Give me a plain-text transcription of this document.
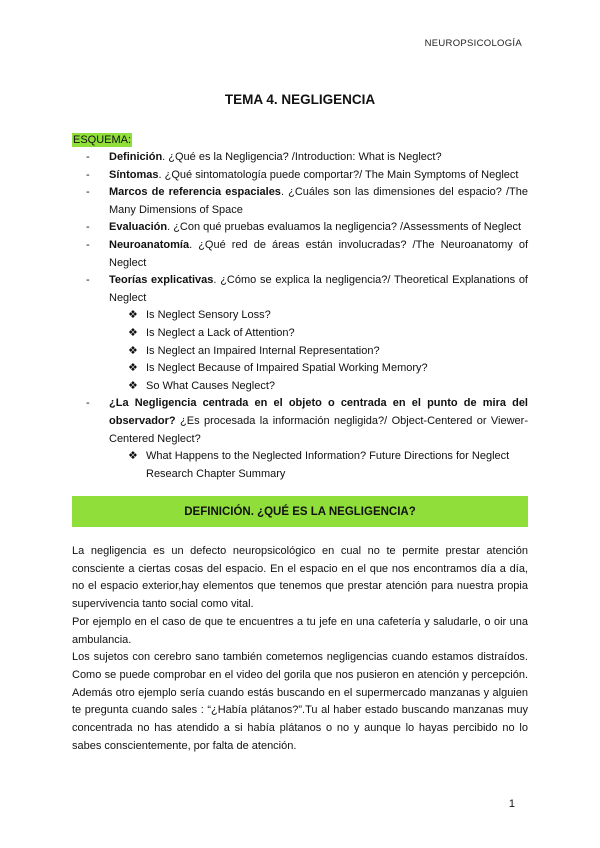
NEUROPSICOLOGÍA
TEMA 4. NEGLIGENCIA
ESQUEMA:
-	Definición. ¿Qué es la Negligencia? /Introduction: What is Neglect?
-	Síntomas. ¿Qué sintomatología puede comportar?/ The Main Symptoms of Neglect
-	Marcos de referencia espaciales. ¿Cuáles son las dimensiones del espacio? /The Many Dimensions of Space
-	Evaluación. ¿Con qué pruebas evaluamos la negligencia? /Assessments of Neglect
-	Neuroanatomía. ¿Qué red de áreas están involucradas? /The Neuroanatomy of Neglect
-	Teorías explicativas. ¿Cómo se explica la negligencia?/ Theoretical Explanations of Neglect
❖ Is Neglect Sensory Loss?
❖ Is Neglect a Lack of Attention?
❖ Is Neglect an Impaired Internal Representation?
❖ Is Neglect Because of Impaired Spatial Working Memory?
❖ So What Causes Neglect?
-	¿La Negligencia centrada en el objeto o centrada en el punto de mira del observador? ¿Es procesada la información negligida?/ Object-Centered or Viewer-Centered Neglect?
❖ What Happens to the Neglected Information? Future Directions for Neglect Research Chapter Summary
DEFINICIÓN. ¿QUÉ ES LA NEGLIGENCIA?

La negligencia es un defecto neuropsicológico en cual no te permite prestar atención consciente a ciertas cosas del espacio. En el espacio en el que nos encontramos día a día, no el espacio exterior,hay elementos que tenemos que prestar atención para nuestra propia supervivencia tanto social como vital.

Por ejemplo en el caso de que te encuentres a tu jefe en una cafetería y saludarle, o oir una ambulancia.

Los sujetos con cerebro sano también cometemos negligencias cuando estamos distraídos. Como se puede comprobar en el video del gorila que nos pusieron en atención y percepción. Además otro ejemplo sería cuando estás buscando en el supermercado manzanas y alguien te pregunta cuando sales : “¿Había plátanos?”.Tu al haber estado buscando manzanas muy concentrada no has atendido a si había plátanos o no y aunque lo hayas percibido no lo sabes conscientemente, por falta de atención.

1
